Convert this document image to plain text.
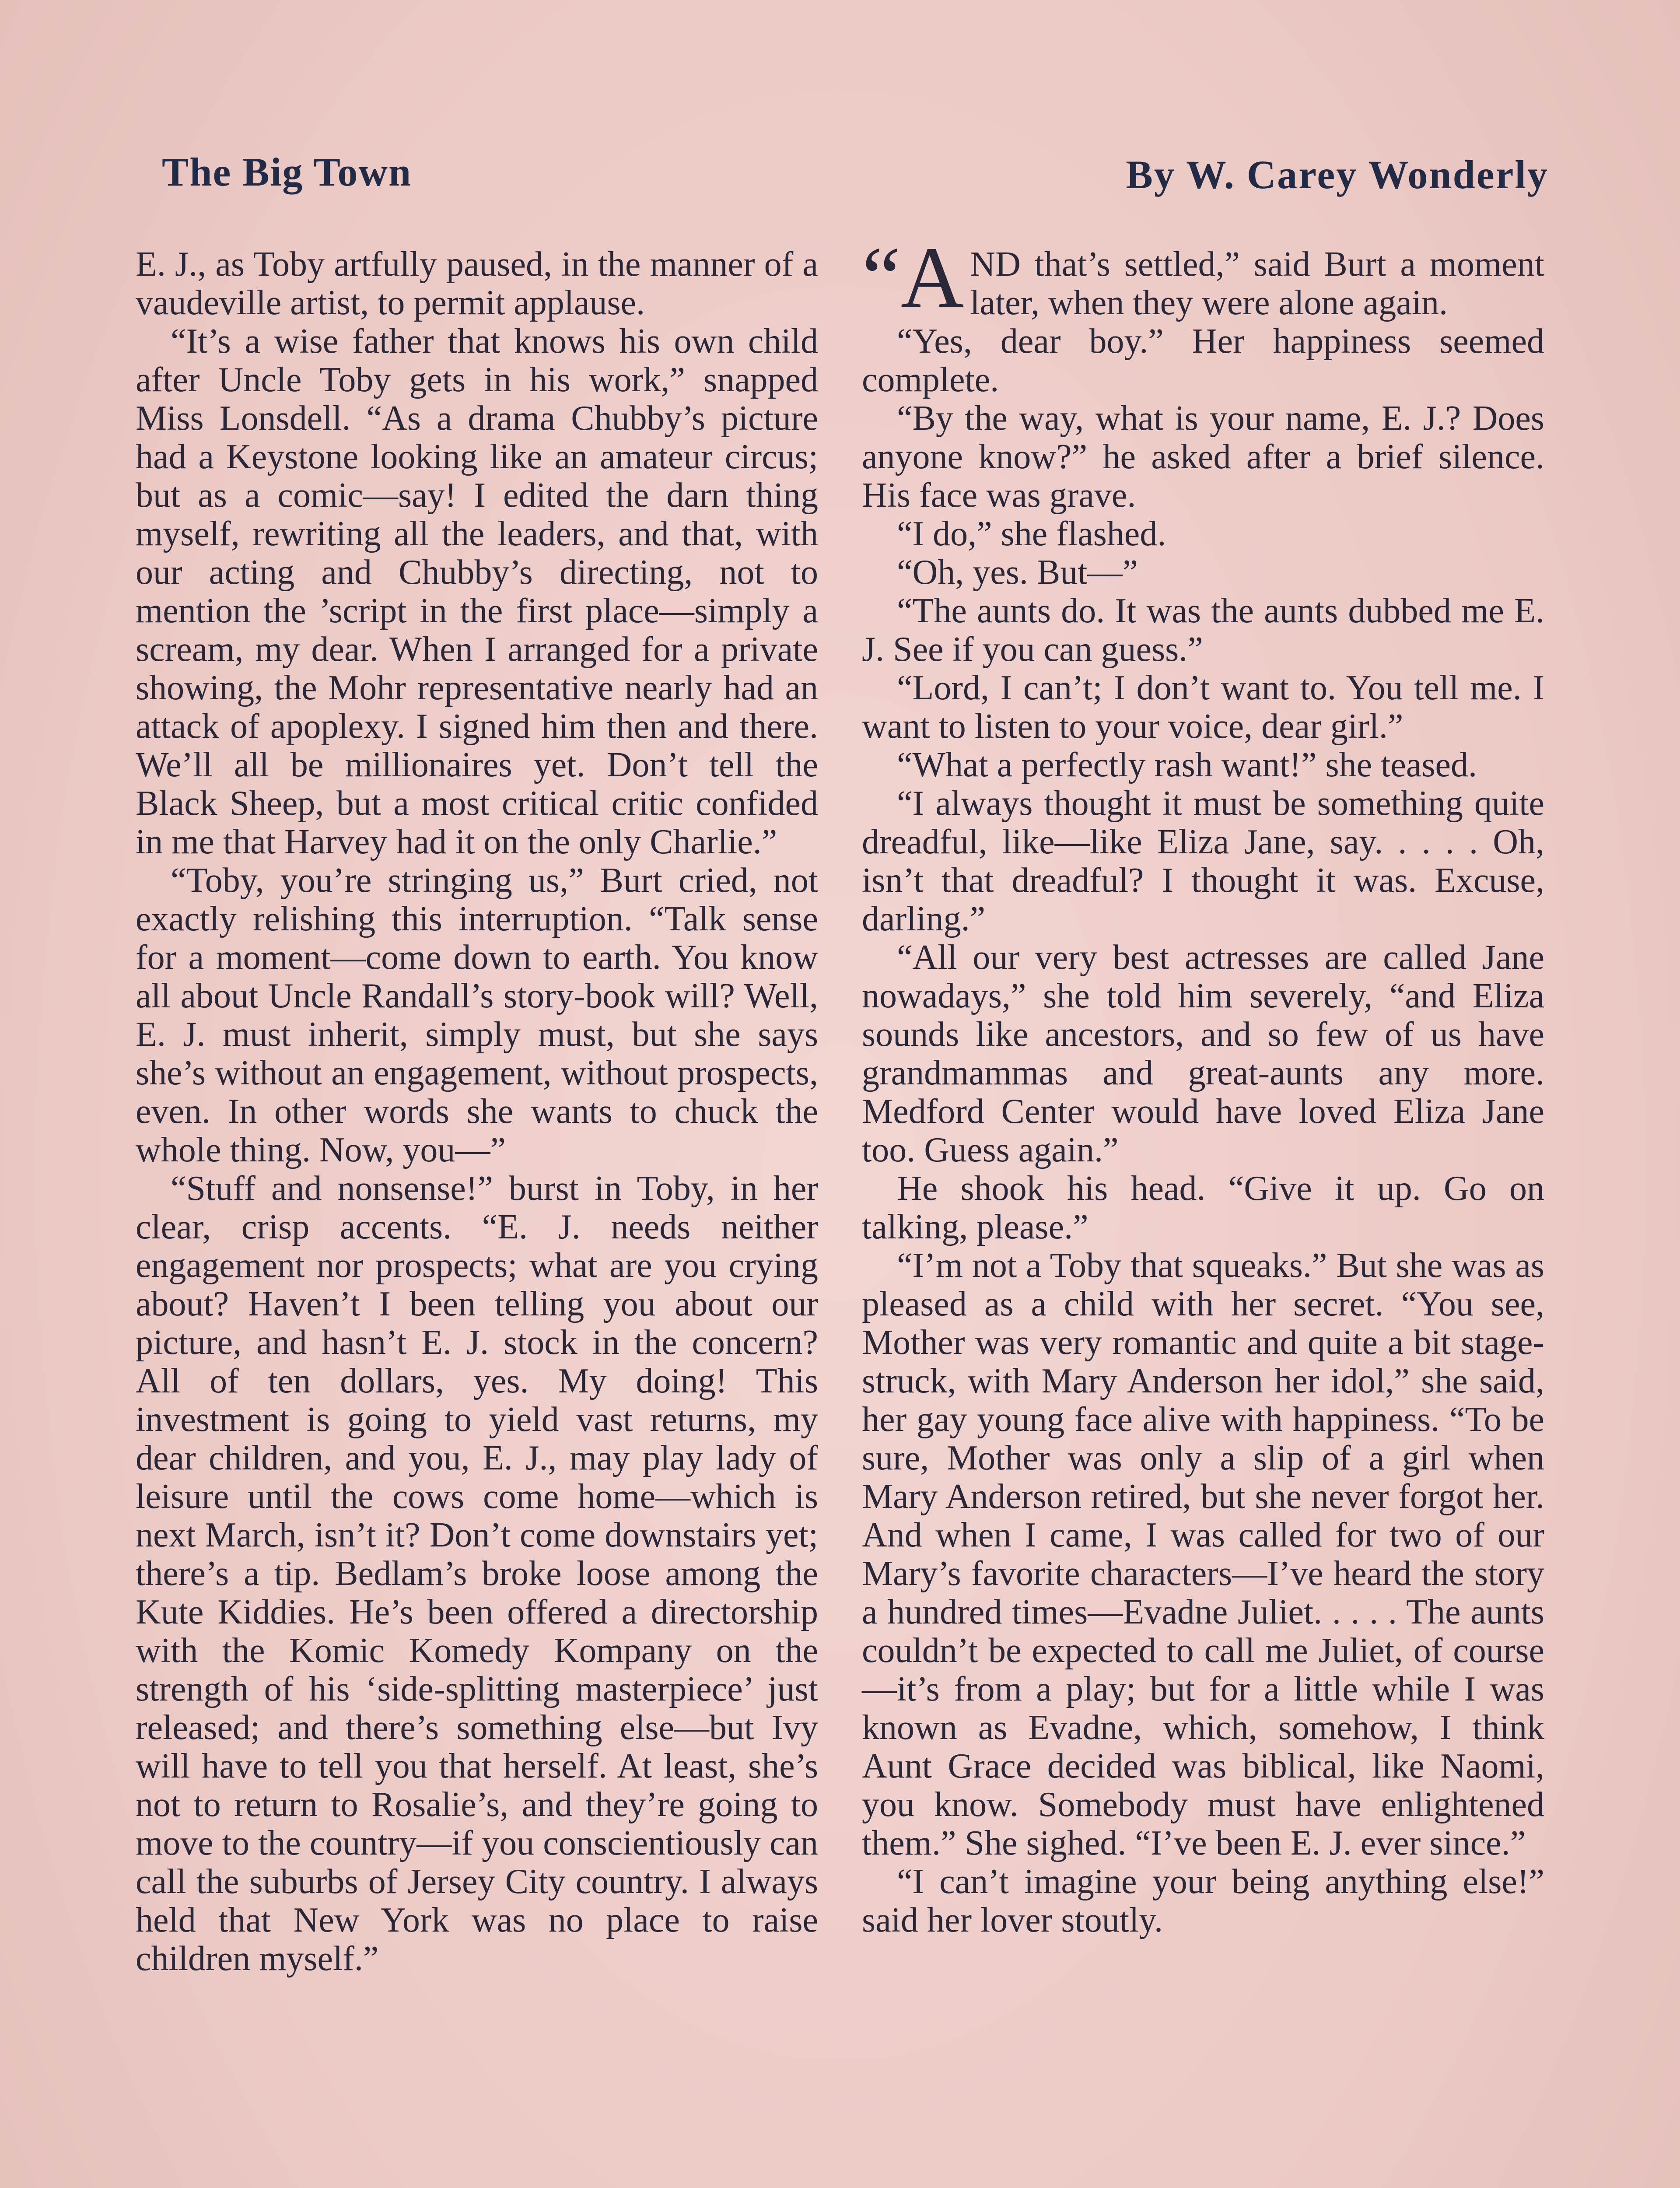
The Big Town	By W. Carey Wonderly

E. J., as Toby artfully paused, in the manner of a vaudeville artist, to permit applause.

“It’s a wise father that knows his own child after Uncle Toby gets in his work,” snapped Miss Lonsdell. “As a drama Chubby’s picture had a Keystone looking like an amateur circus; but as a comic—say! I edited the darn thing myself, rewriting all the leaders, and that, with our acting and Chubby’s directing, not to mention the ’script in the first place—simply a scream, my dear. When I arranged for a private showing, the Mohr representative nearly had an attack of apoplexy. I signed him then and there. We’ll all be millionaires yet. Don’t tell the Black Sheep, but a most critical critic confided in me that Harvey had it on the only Charlie.”

“Toby, you’re stringing us,” Burt cried, not exactly relishing this interruption. “Talk sense for a moment—come down to earth. You know all about Uncle Randall’s story-book will? Well, E. J. must inherit, simply must, but she says she’s without an engagement, without prospects, even. In other words she wants to chuck the whole thing. Now, you—”

“Stuff and nonsense!” burst in Toby, in her clear, crisp accents. “E. J. needs neither engagement nor prospects; what are you crying about? Haven’t I been telling you about our picture, and hasn’t E. J. stock in the concern? All of ten dollars, yes. My doing! This investment is going to yield vast returns, my dear children, and you, E. J., may play lady of leisure until the cows come home—which is next March, isn’t it? Don’t come downstairs yet; there’s a tip. Bedlam’s broke loose among the Kute Kiddies. He’s been offered a directorship with the Komic Komedy Kompany on the strength of his ‘side-splitting masterpiece’ just released; and there’s something else—but Ivy will have to tell you that herself. At least, she’s not to return to Rosalie’s, and they’re going to move to the country—if you conscientiously can call the suburbs of Jersey City country. I always held that New York was no place to raise children myself.”

“AND that’s settled,” said Burt a moment later, when they were alone again.

“Yes, dear boy.” Her happiness seemed complete.

“By the way, what is your name, E. J.? Does anyone know?” he asked after a brief silence. His face was grave.

“I do,” she flashed.

“Oh, yes. But—”

“The aunts do. It was the aunts dubbed me E. J. See if you can guess.”

“Lord, I can’t; I don’t want to. You tell me. I want to listen to your voice, dear girl.”

“What a perfectly rash want!” she teased.

“I always thought it must be something quite dreadful, like—like Eliza Jane, say. . . . . Oh, isn’t that dreadful? I thought it was. Excuse, darling.”

“All our very best actresses are called Jane nowadays,” she told him severely, “and Eliza sounds like ancestors, and so few of us have grandmammas and great-aunts any more. Medford Center would have loved Eliza Jane too. Guess again.”

He shook his head. “Give it up. Go on talking, please.”

“I’m not a Toby that squeaks.” But she was as pleased as a child with her secret. “You see, Mother was very romantic and quite a bit stage-struck, with Mary Anderson her idol,” she said, her gay young face alive with happiness. “To be sure, Mother was only a slip of a girl when Mary Anderson retired, but she never forgot her. And when I came, I was called for two of our Mary’s favorite characters—I’ve heard the story a hundred times—Evadne Juliet. . . . . The aunts couldn’t be expected to call me Juliet, of course—it’s from a play; but for a little while I was known as Evadne, which, somehow, I think Aunt Grace decided was biblical, like Naomi, you know. Somebody must have enlightened them.” She sighed. “I’ve been E. J. ever since.”

“I can’t imagine your being anything else!” said her lover stoutly.
